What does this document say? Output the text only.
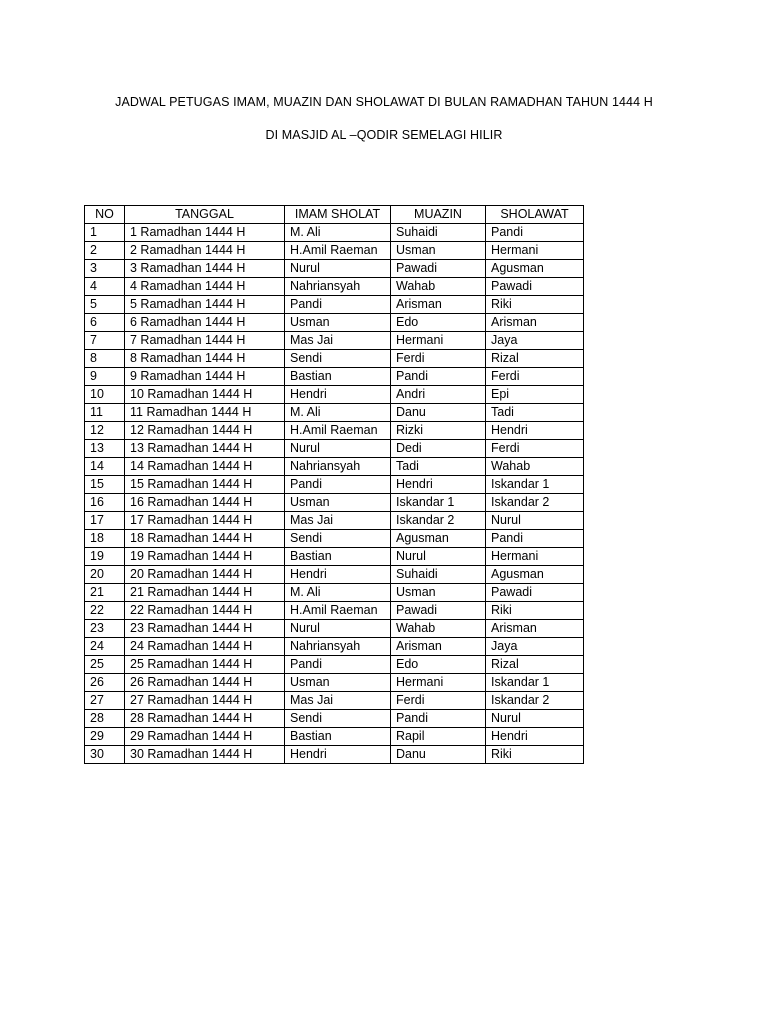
JADWAL PETUGAS IMAM, MUAZIN DAN SHOLAWAT DI BULAN RAMADHAN TAHUN 1444 H
DI MASJID AL –QODIR SEMELAGI HILIR
NO	TANGGAL	IMAM SHOLAT	MUAZIN	SHOLAWAT
1	1 Ramadhan 1444 H	M. Ali	Suhaidi	Pandi
2	2 Ramadhan 1444 H	H.Amil Raeman	Usman	Hermani
3	3 Ramadhan 1444 H	Nurul	Pawadi	Agusman
4	4 Ramadhan 1444 H	Nahriansyah	Wahab	Pawadi
5	5 Ramadhan 1444 H	Pandi	Arisman	Riki
6	6 Ramadhan 1444 H	Usman	Edo	Arisman
7	7 Ramadhan 1444 H	Mas Jai	Hermani	Jaya
8	8 Ramadhan 1444 H	Sendi	Ferdi	Rizal
9	9 Ramadhan 1444 H	Bastian	Pandi	Ferdi
10	10 Ramadhan 1444 H	Hendri	Andri	Epi
11	11 Ramadhan 1444 H	M. Ali	Danu	Tadi
12	12 Ramadhan 1444 H	H.Amil Raeman	Rizki	Hendri
13	13 Ramadhan 1444 H	Nurul	Dedi	Ferdi
14	14 Ramadhan 1444 H	Nahriansyah	Tadi	Wahab
15	15 Ramadhan 1444 H	Pandi	Hendri	Iskandar 1
16	16 Ramadhan 1444 H	Usman	Iskandar 1	Iskandar 2
17	17 Ramadhan 1444 H	Mas Jai	Iskandar 2	Nurul
18	18 Ramadhan 1444 H	Sendi	Agusman	Pandi
19	19 Ramadhan 1444 H	Bastian	Nurul	Hermani
20	20 Ramadhan 1444 H	Hendri	Suhaidi	Agusman
21	21 Ramadhan 1444 H	M. Ali	Usman	Pawadi
22	22 Ramadhan 1444 H	H.Amil Raeman	Pawadi	Riki
23	23 Ramadhan 1444 H	Nurul	Wahab	Arisman
24	24 Ramadhan 1444 H	Nahriansyah	Arisman	Jaya
25	25 Ramadhan 1444 H	Pandi	Edo	Rizal
26	26 Ramadhan 1444 H	Usman	Hermani	Iskandar 1
27	27 Ramadhan 1444 H	Mas Jai	Ferdi	Iskandar 2
28	28 Ramadhan 1444 H	Sendi	Pandi	Nurul
29	29 Ramadhan 1444 H	Bastian	Rapil	Hendri
30	30 Ramadhan 1444 H	Hendri	Danu	Riki
